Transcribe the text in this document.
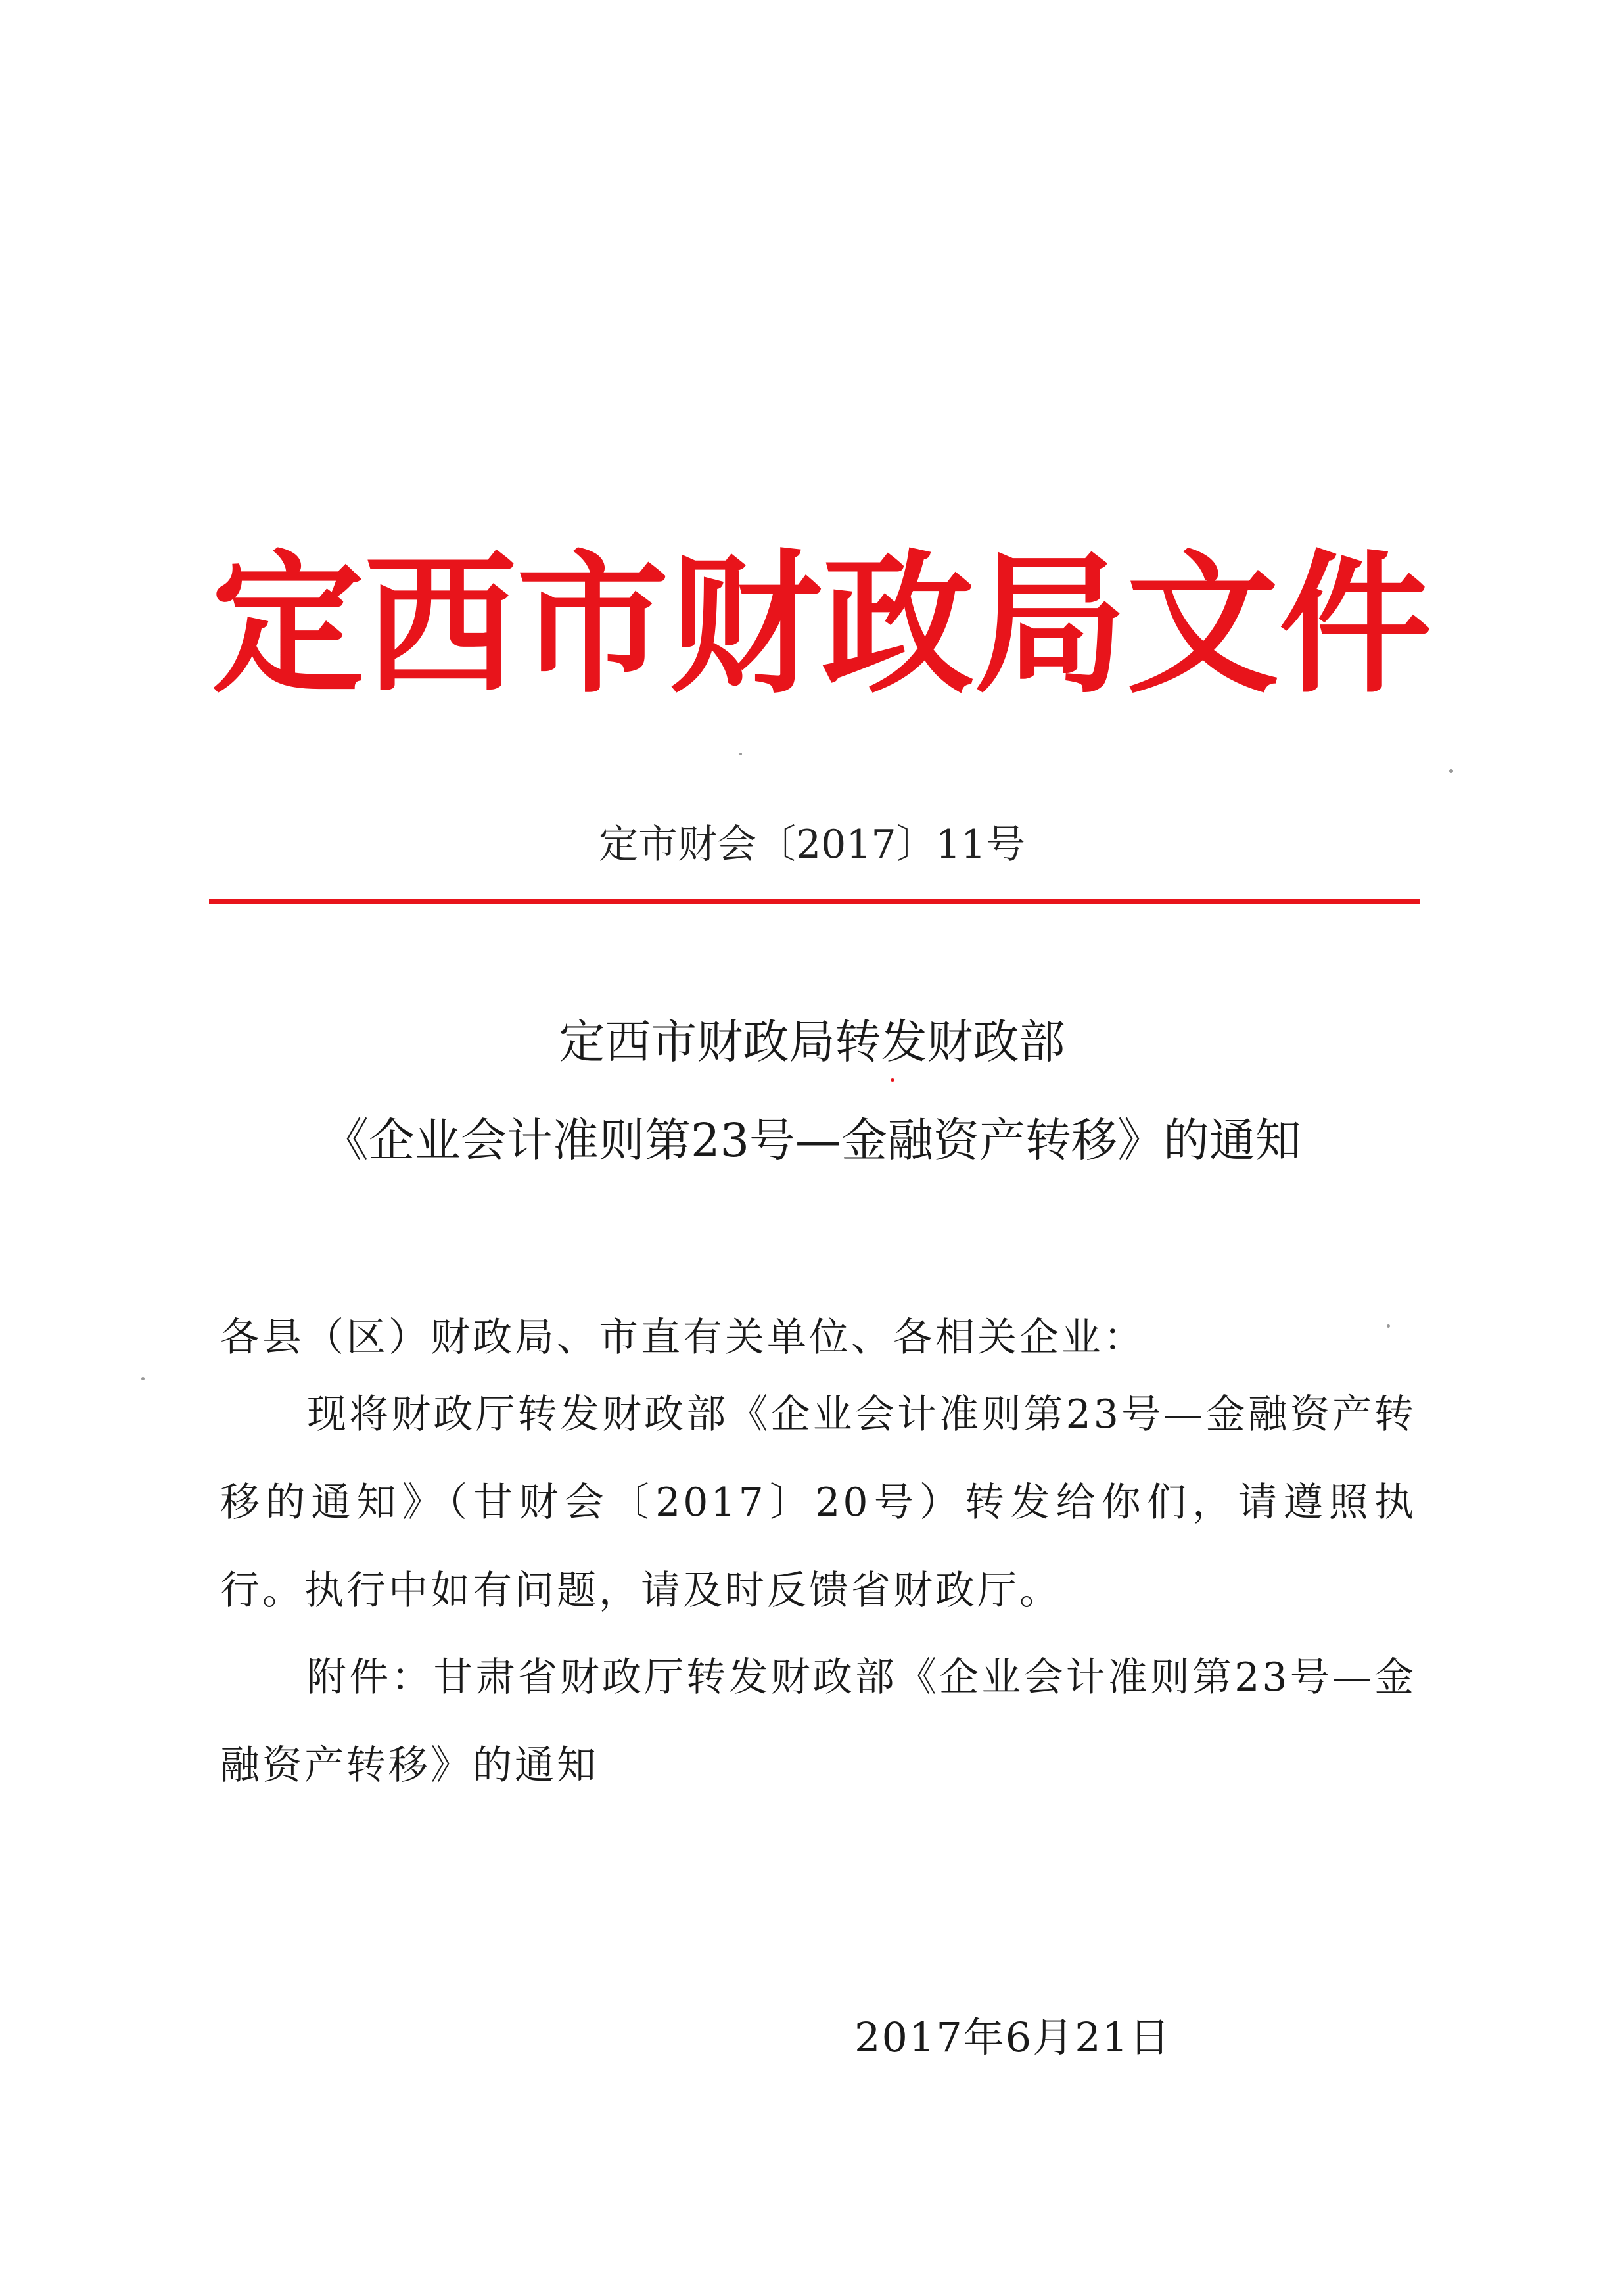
定西市财政局文件
定市财会〔2017〕11号
定西市财政局转发财政部
《企业会计准则第23号—金融资产转移》的通知
各县（区）财政局、市直有关单位、各相关企业：
现将财政厅转发财政部《企业会计准则第23号—金融资产转移的通知》（甘财会〔2017〕20号）转发给你们，请遵照执行。执行中如有问题，请及时反馈省财政厅。
附件：甘肃省财政厅转发财政部《企业会计准则第23号—金融资产转移》的通知
2017年6月21日
